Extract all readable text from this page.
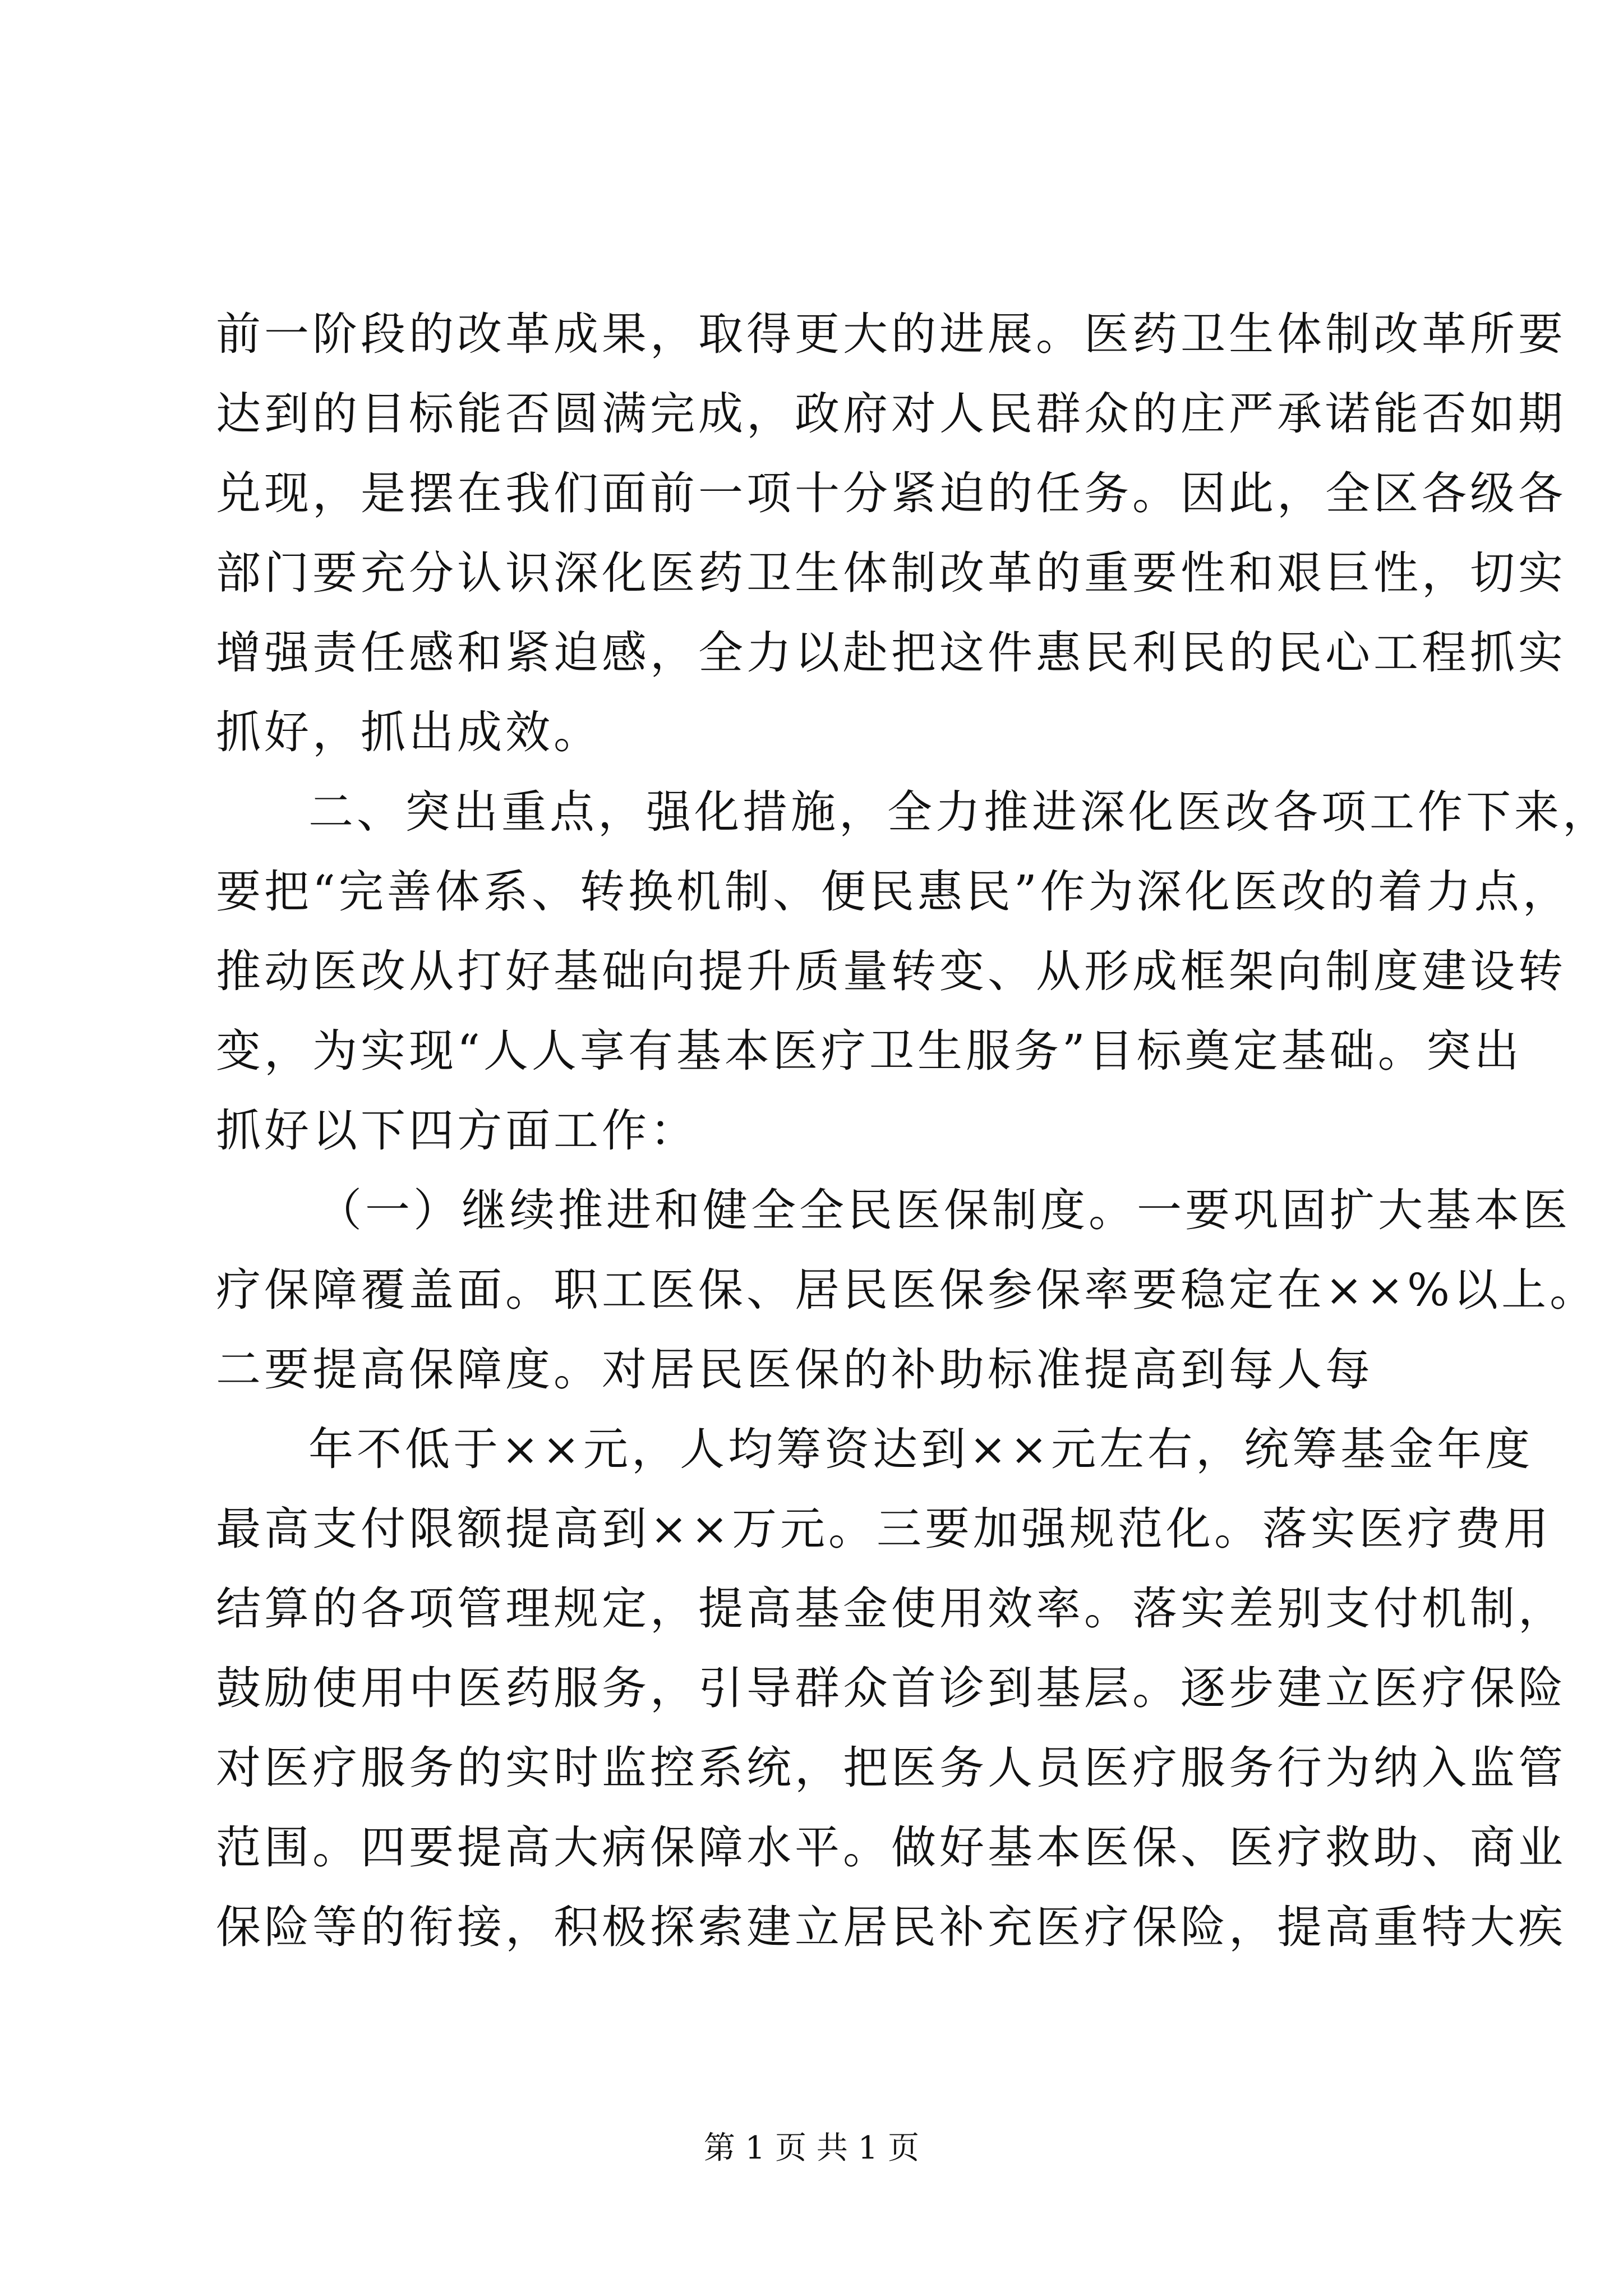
前一阶段的改革成果，取得更大的进展。医药卫生体制改革所要
达到的目标能否圆满完成，政府对人民群众的庄严承诺能否如期
兑现，是摆在我们面前一项十分紧迫的任务。因此，全区各级各
部门要充分认识深化医药卫生体制改革的重要性和艰巨性，切实
增强责任感和紧迫感，全力以赴把这件惠民利民的民心工程抓实
抓好，抓出成效。
二、突出重点，强化措施，全力推进深化医改各项工作下来，
要把“完善体系、转换机制、便民惠民”作为深化医改的着力点，
推动医改从打好基础向提升质量转变、从形成框架向制度建设转
变，为实现“人人享有基本医疗卫生服务”目标奠定基础。突出
抓好以下四方面工作：
（一）继续推进和健全全民医保制度。一要巩固扩大基本医
疗保障覆盖面。职工医保、居民医保参保率要稳定在××%以上。
二要提高保障度。对居民医保的补助标准提高到每人每
年不低于××元，人均筹资达到××元左右，统筹基金年度
最高支付限额提高到××万元。三要加强规范化。落实医疗费用
结算的各项管理规定，提高基金使用效率。落实差别支付机制，
鼓励使用中医药服务，引导群众首诊到基层。逐步建立医疗保险
对医疗服务的实时监控系统，把医务人员医疗服务行为纳入监管
范围。四要提高大病保障水平。做好基本医保、医疗救助、商业
保险等的衔接，积极探索建立居民补充医疗保险，提高重特大疾
第 1 页 共 1 页
